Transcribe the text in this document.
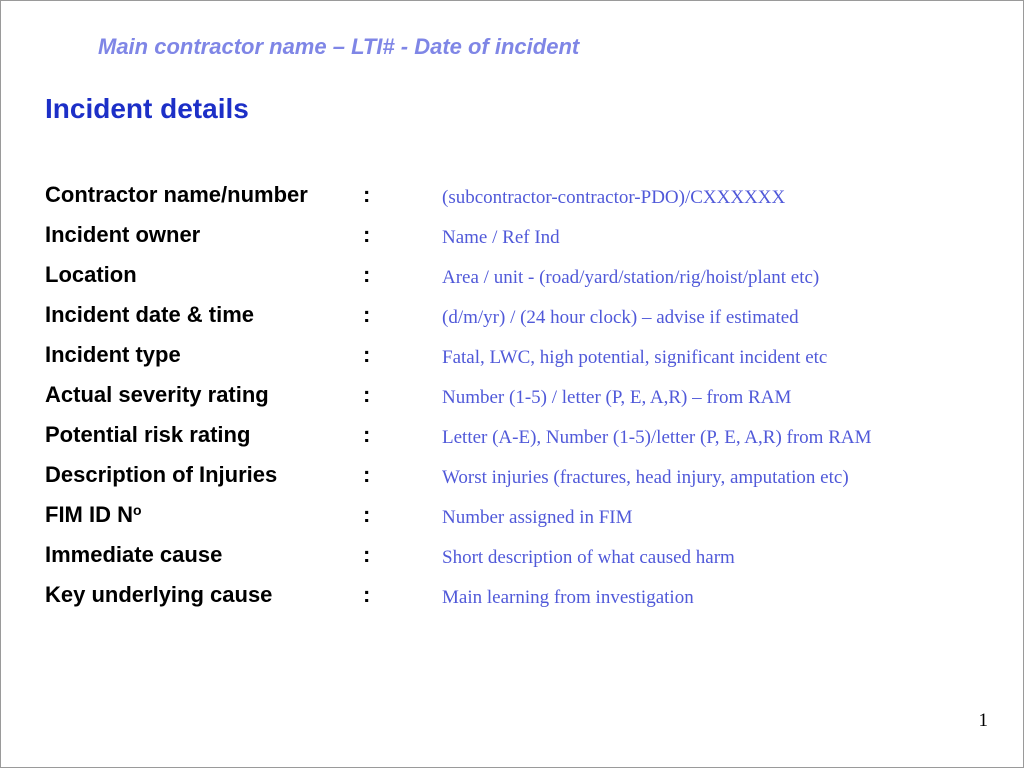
Main contractor name – LTI# - Date of incident
Incident details
Contractor name/number	:	(subcontractor-contractor-PDO)/CXXXXXX
Incident owner	:	Name / Ref Ind
Location	:	Area / unit - (road/yard/station/rig/hoist/plant etc)
Incident date & time	:	(d/m/yr) / (24 hour clock) – advise if estimated
Incident type	:	Fatal, LWC, high potential, significant incident etc
Actual severity rating	:	Number (1-5) / letter (P, E, A,R) – from RAM
Potential risk rating	:	Letter (A-E), Number (1-5)/letter (P, E, A,R) from RAM
Description of Injuries	:	Worst injuries (fractures, head injury, amputation etc)
FIM ID $N^o$	:	Number assigned in FIM
Immediate cause	:	Short description of what caused harm
Key underlying cause	:	Main learning from investigation
1
